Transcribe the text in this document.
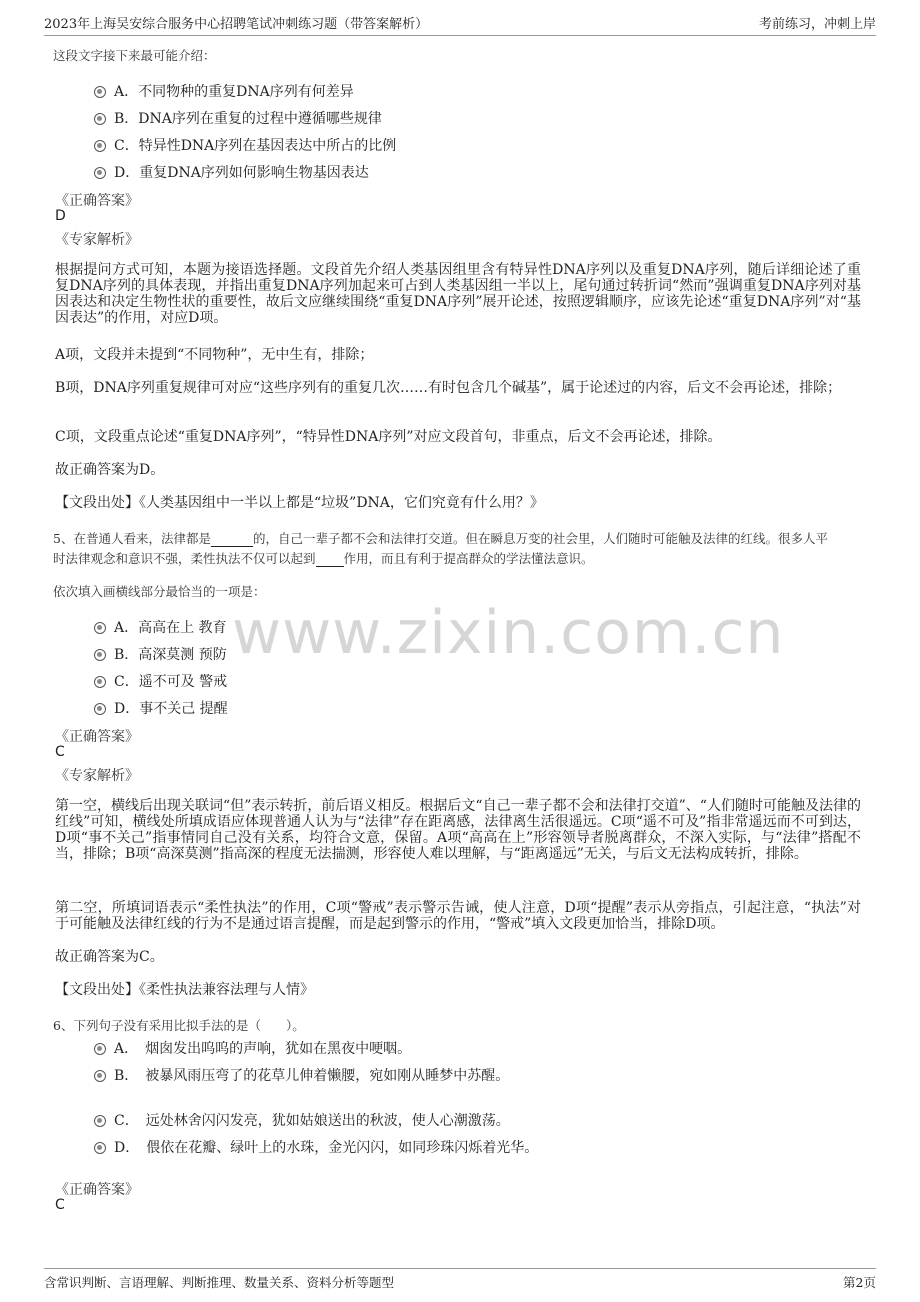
2023年上海吴安综合服务中心招聘笔试冲刺练习题（带答案解析）	考前练习，冲刺上岸
www.zixin.com.cn
这段文字接下来最可能介绍：
A．不同物种的重复DNA序列有何差异
B．DNA序列在重复的过程中遵循哪些规律
C．特异性DNA序列在基因表达中所占的比例
D．重复DNA序列如何影响生物基因表达
《正确答案》
D
《专家解析》
根据提问方式可知，本题为接语选择题。文段首先介绍人类基因组里含有特异性DNA序列以及重复DNA序列，随后详细论述了重复DNA序列的具体表现，并指出重复DNA序列加起来可占到人类基因组一半以上，尾句通过转折词“然而”强调重复DNA序列对基因表达和决定生物性状的重要性，故后文应继续围绕“重复DNA序列”展开论述，按照逻辑顺序，应该先论述“重复DNA序列”对“基因表达”的作用，对应D项。
A项，文段并未提到“不同物种”，无中生有，排除；
B项，DNA序列重复规律可对应“这些序列有的重复几次……有时包含几个碱基”，属于论述过的内容，后文不会再论述，排除；
C项，文段重点论述“重复DNA序列”，“特异性DNA序列”对应文段首句，非重点，后文不会再论述，排除。
故正确答案为D。
【文段出处】《人类基因组中一半以上都是“垃圾”DNA，它们究竟有什么用？》
5、在普通人看来，法律都是	的，自己一辈子都不会和法律打交道。但在瞬息万变的社会里，人们随时可能触及法律的红线。很多人平
时法律观念和意识不强，柔性执法不仅可以起到 作用，而且有利于提高群众的学法懂法意识。
依次填入画横线部分最恰当的一项是：
A．高高在上 教育
B．高深莫测 预防
C．遥不可及 警戒
D．事不关己 提醒
《正确答案》
C
《专家解析》
第一空，横线后出现关联词“但”表示转折，前后语义相反。根据后文“自己一辈子都不会和法律打交道”、“人们随时可能触及法律的红线”可知，横线处所填成语应体现普通人认为与“法律”存在距离感，法律离生活很遥远。C项“遥不可及”指非常遥远而不可到达，D项“事不关己”指事情同自己没有关系，均符合文意，保留。A项“高高在上”形容领导者脱离群众，不深入实际，与“法律”搭配不当，排除；B项“高深莫测”指高深的程度无法揣测，形容使人难以理解，与“距离遥远”无关，与后文无法构成转折，排除。
第二空，所填词语表示“柔性执法”的作用，C项“警戒”表示警示告诫，使人注意，D项“提醒”表示从旁指点，引起注意，“执法”对于可能触及法律红线的行为不是通过语言提醒，而是起到警示的作用，“警戒”填入文段更加恰当，排除D项。
故正确答案为C。
【文段出处】《柔性执法兼容法理与人情》
6、下列句子没有采用比拟手法的是（　　）。
A．　烟囱发出呜呜的声响，犹如在黑夜中哽咽。
B．　被暴风雨压弯了的花草儿伸着懒腰，宛如刚从睡梦中苏醒。
C．　远处林舍闪闪发亮，犹如姑娘送出的秋波，使人心潮激荡。
D．　偎依在花瓣、绿叶上的水珠，金光闪闪，如同珍珠闪烁着光华。
《正确答案》
C
含常识判断、言语理解、判断推理、数量关系、资料分析等题型	第2页
